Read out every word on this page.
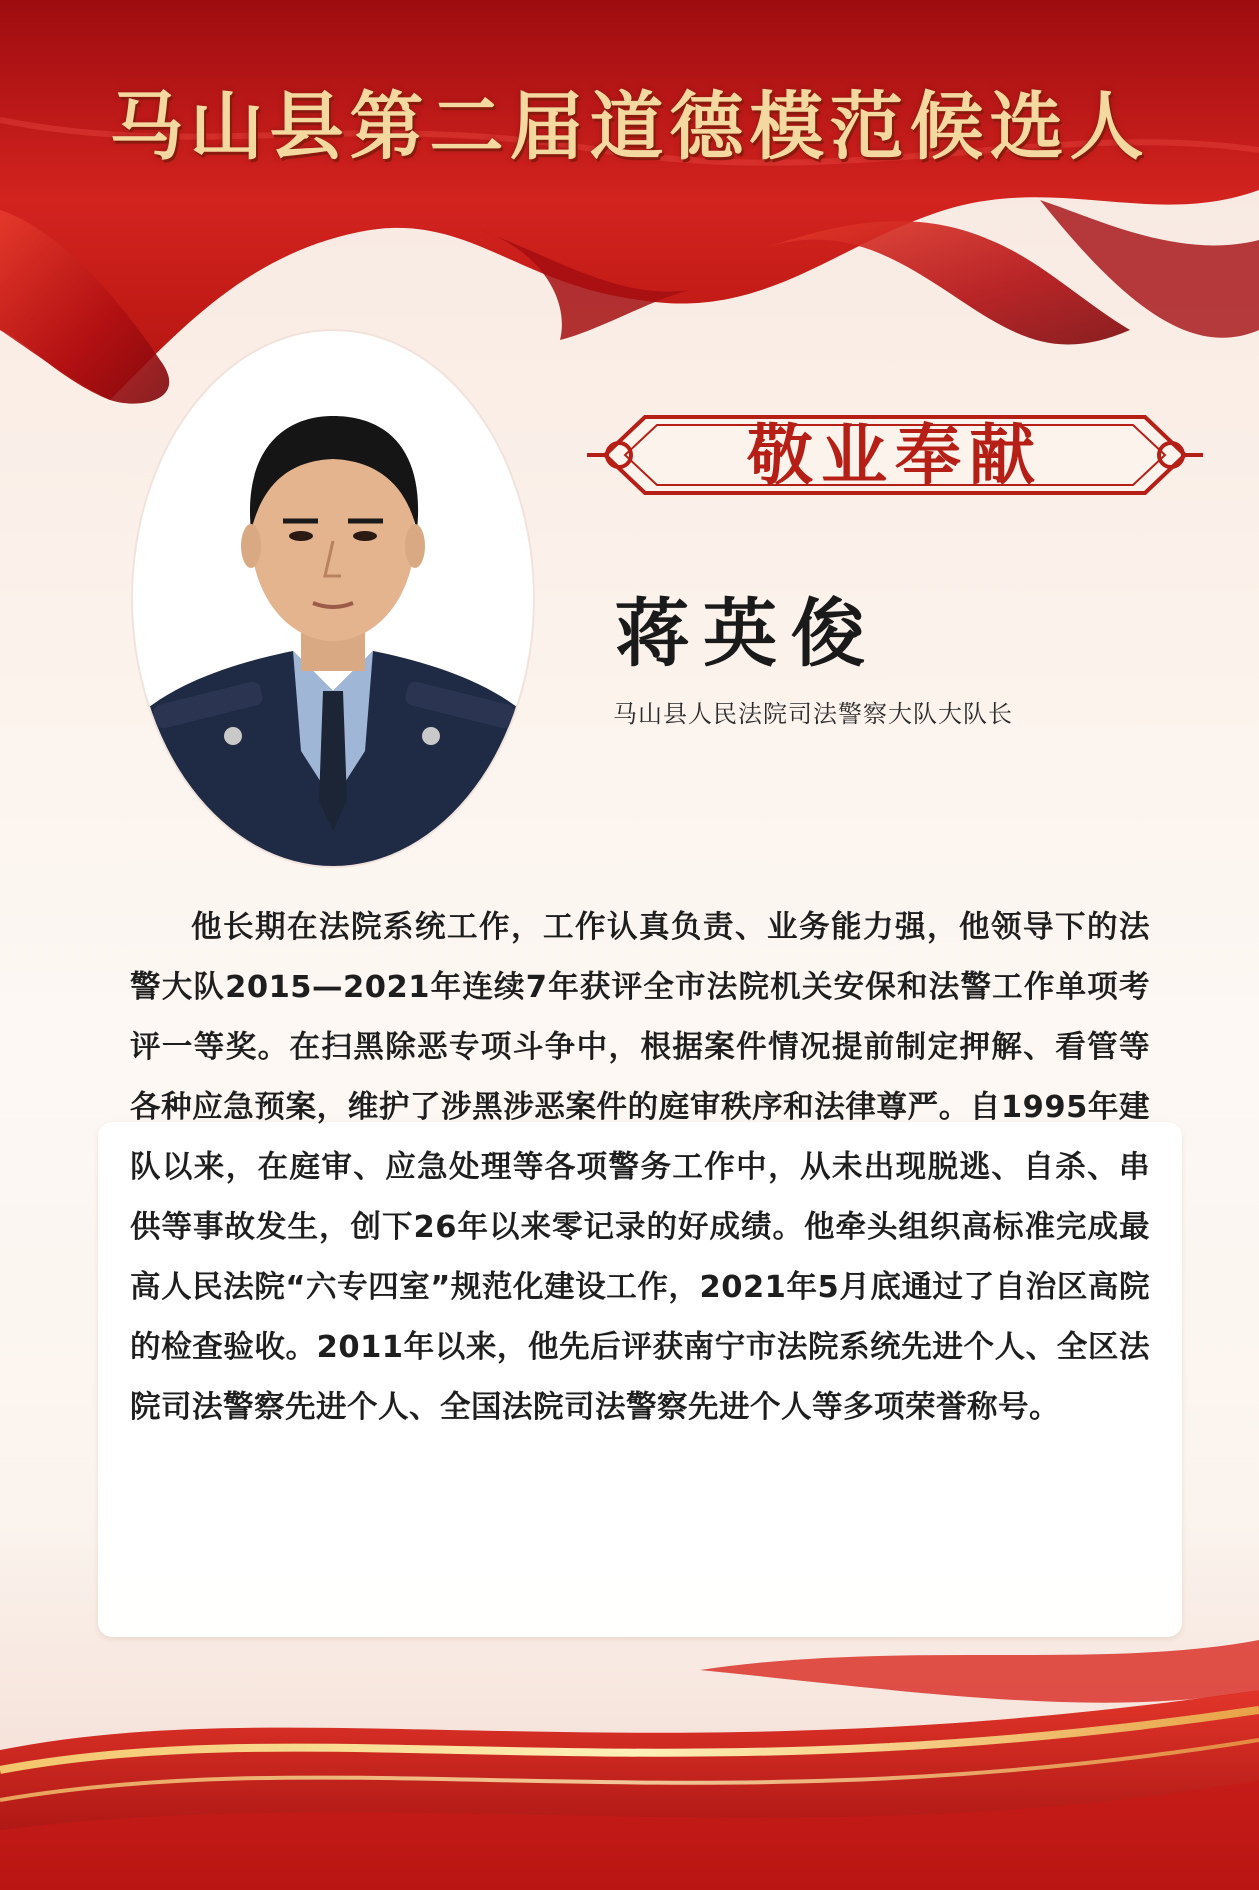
马山县第二届道德模范候选人
敬业奉献
蒋英俊
马山县人民法院司法警察大队大队长
他长期在法院系统工作，工作认真负责、业务能力强，他领导下的法警大队2015—2021年连续7年获评全市法院机关安保和法警工作单项考评一等奖。在扫黑除恶专项斗争中，根据案件情况提前制定押解、看管等各种应急预案，维护了涉黑涉恶案件的庭审秩序和法律尊严。自1995年建队以来，在庭审、应急处理等各项警务工作中，从未出现脱逃、自杀、串供等事故发生，创下26年以来零记录的好成绩。他牵头组织高标准完成最高人民法院“六专四室”规范化建设工作，2021年5月底通过了自治区高院的检查验收。2011年以来，他先后评获南宁市法院系统先进个人、全区法院司法警察先进个人、全国法院司法警察先进个人等多项荣誉称号。
